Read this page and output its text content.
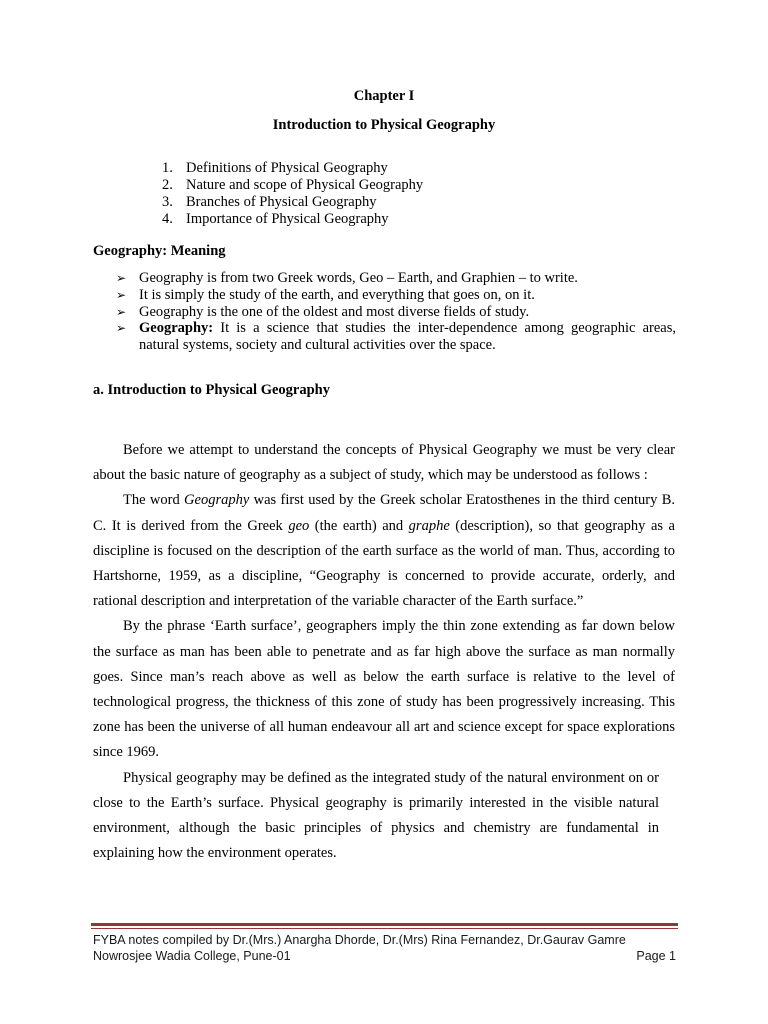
Chapter I
Introduction to Physical Geography
1. Definitions of Physical Geography
2. Nature and scope of Physical Geography
3. Branches of Physical Geography
4. Importance of Physical Geography
Geography: Meaning
➢ Geography is from two Greek words, Geo – Earth, and Graphien – to write.
➢ It is simply the study of the earth, and everything that goes on, on it.
➢ Geography is the one of the oldest and most diverse fields of study.
➢ Geography: It is a science that studies the inter-dependence among geographic areas, natural systems, society and cultural activities over the space.
a. Introduction to Physical Geography

Before we attempt to understand the concepts of Physical Geography we must be very clear about the basic nature of geography as a subject of study, which may be understood as follows :

The word Geography was first used by the Greek scholar Eratosthenes in the third century B. C. It is derived from the Greek geo (the earth) and graphe (description), so that geography as a discipline is focused on the description of the earth surface as the world of man. Thus, according to Hartshorne, 1959, as a discipline, “Geography is concerned to provide accurate, orderly, and rational description and interpretation of the variable character of the Earth surface.”

By the phrase ‘Earth surface’, geographers imply the thin zone extending as far down below the surface as man has been able to penetrate and as far high above the surface as man normally goes. Since man’s reach above as well as below the earth surface is relative to the level of technological progress, the thickness of this zone of study has been progressively increasing. This zone has been the universe of all human endeavour all art and science except for space explorations since 1969.

Physical geography may be defined as the integrated study of the natural environment on or close to the Earth’s surface. Physical geography is primarily interested in the visible natural environment, although the basic principles of physics and chemistry are fundamental in explaining how the environment operates.

FYBA notes compiled by Dr.(Mrs.) Anargha Dhorde, Dr.(Mrs) Rina Fernandez, Dr.Gaurav Gamre
Nowrosjee Wadia College, Pune-01	Page 1
